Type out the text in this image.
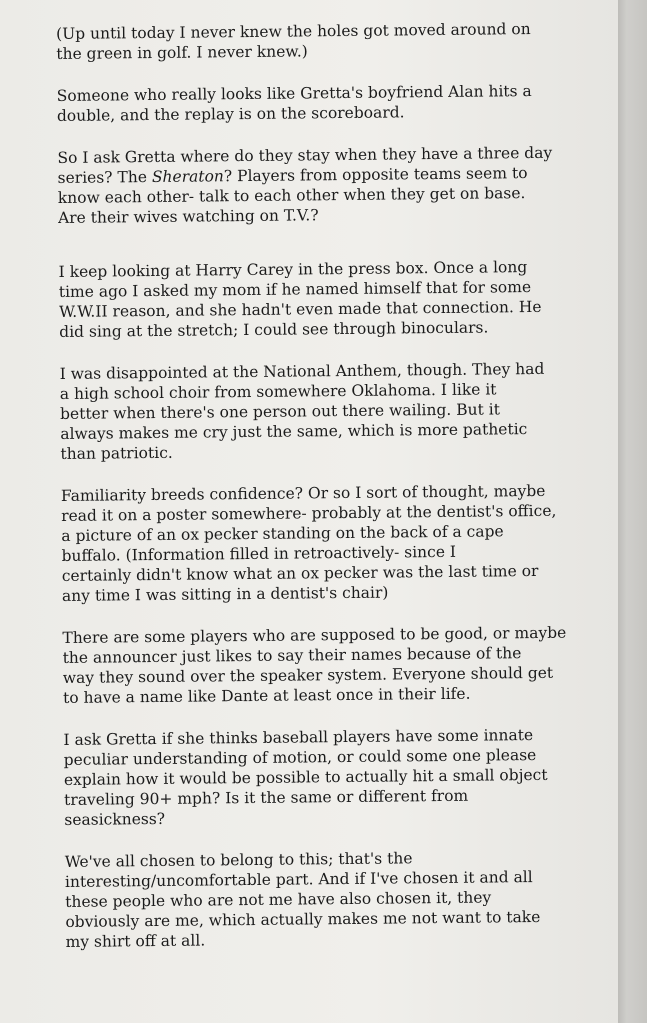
(Up until today I never knew the holes got moved around on
the green in golf. I never knew.)
Someone who really looks like Gretta's boyfriend Alan hits a
double, and the replay is on the scoreboard.
So I ask Gretta where do they stay when they have a three day
series? The Sheraton? Players from opposite teams seem to
know each other- talk to each other when they get on base.
Are their wives watching on T.V.?
I keep looking at Harry Carey in the press box. Once a long
time ago I asked my mom if he named himself that for some
W.W.II reason, and she hadn't even made that connection. He
did sing at the stretch; I could see through binoculars.
I was disappointed at the National Anthem, though. They had
a high school choir from somewhere Oklahoma. I like it
better when there's one person out there wailing. But it
always makes me cry just the same, which is more pathetic
than patriotic.
Familiarity breeds confidence? Or so I sort of thought, maybe
read it on a poster somewhere- probably at the dentist's office,
a picture of an ox pecker standing on the back of a cape
buffalo. (Information filled in retroactively- since I
certainly didn't know what an ox pecker was the last time or
any time I was sitting in a dentist's chair)
There are some players who are supposed to be good, or maybe
the announcer just likes to say their names because of the
way they sound over the speaker system. Everyone should get
to have a name like Dante at least once in their life.
I ask Gretta if she thinks baseball players have some innate
peculiar understanding of motion, or could some one please
explain how it would be possible to actually hit a small object
traveling 90+ mph? Is it the same or different from
seasickness?
We've all chosen to belong to this; that's the
interesting/uncomfortable part. And if I've chosen it and all
these people who are not me have also chosen it, they
obviously are me, which actually makes me not want to take
my shirt off at all.
